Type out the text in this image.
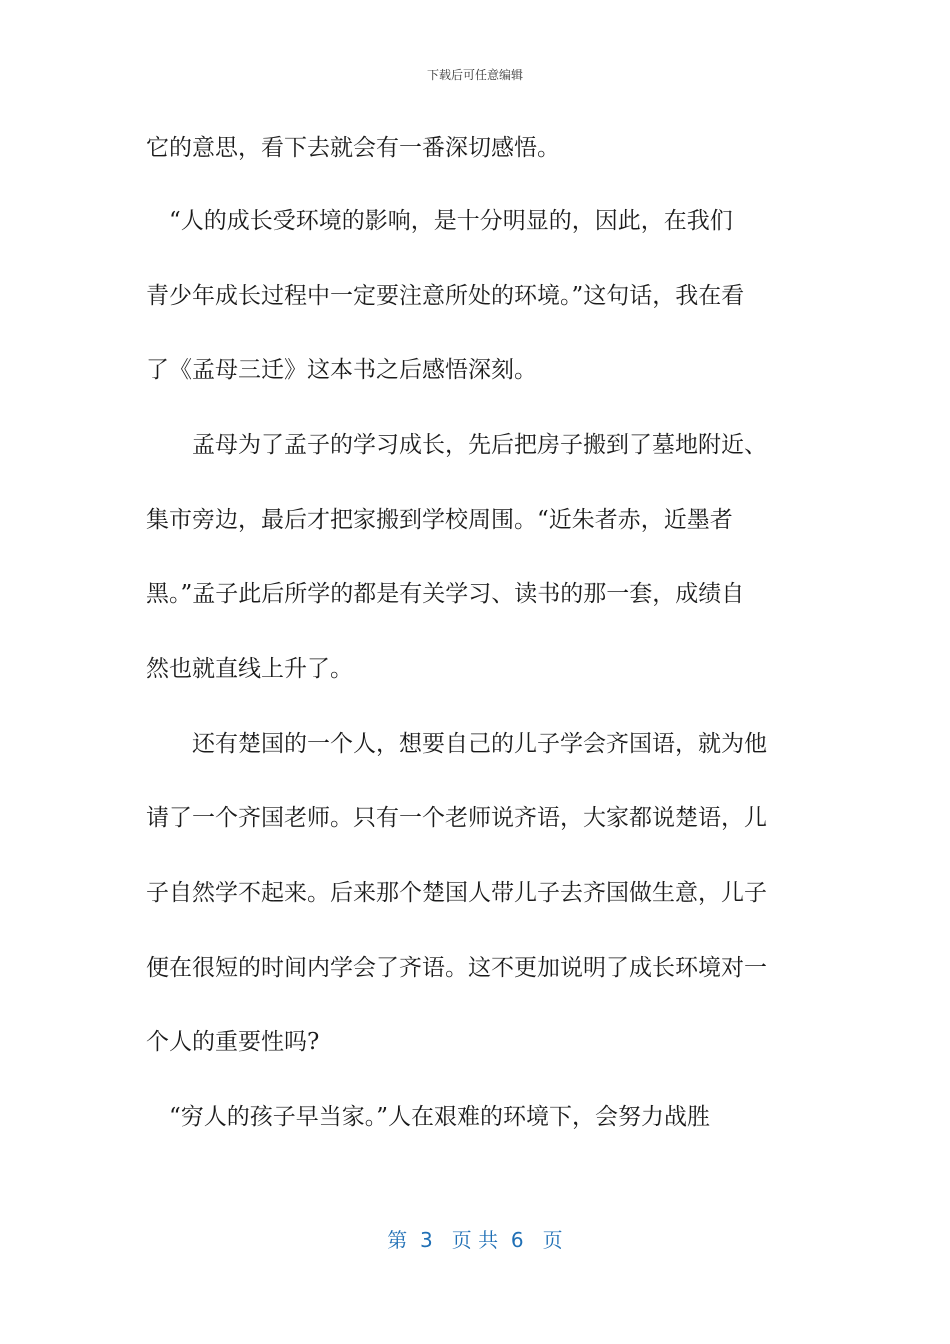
下载后可任意编辑
它的意思，看下去就会有一番深切感悟。
　“人的成长受环境的影响，是十分明显的，因此，在我们
青少年成长过程中一定要注意所处的环境。”这句话，我在看
了《孟母三迁》这本书之后感悟深刻。
　　孟母为了孟子的学习成长，先后把房子搬到了墓地附近、
集市旁边，最后才把家搬到学校周围。“近朱者赤，近墨者
黑。”孟子此后所学的都是有关学习、读书的那一套，成绩自
然也就直线上升了。
　　还有楚国的一个人，想要自己的儿子学会齐国语，就为他
请了一个齐国老师。只有一个老师说齐语，大家都说楚语，儿
子自然学不起来。后来那个楚国人带儿子去齐国做生意，儿子
便在很短的时间内学会了齐语。这不更加说明了成长环境对一
个人的重要性吗?
　“穷人的孩子早当家。”人在艰难的环境下，会努力战胜
第  3   页 共  6   页
